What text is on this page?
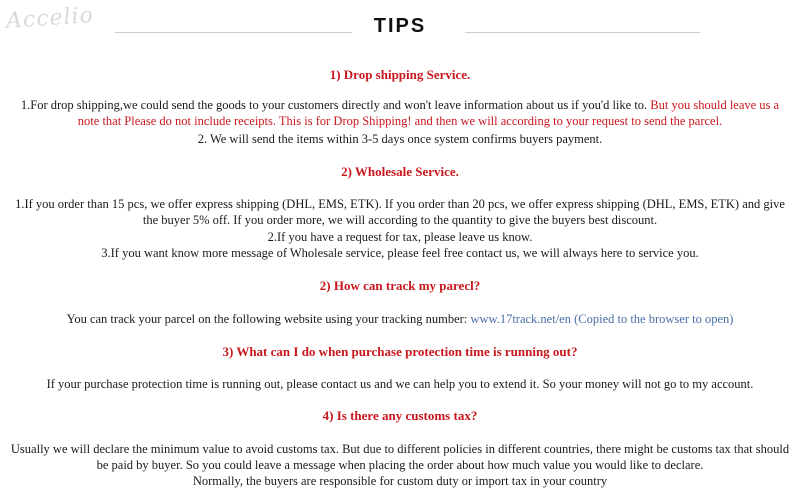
Accelio	TIPS
1) Drop shipping Service.
1.For drop shipping,we could send the goods to your customers directly and won't leave information about us if you'd like to. But you should leave us a note that Please do not include receipts. This is for Drop Shipping! and then we will according to your request to send the parcel.
2. We will send the items within 3-5 days once system confirms buyers payment.
2) Wholesale Service.
1.If you order than 15 pcs, we offer express shipping (DHL, EMS, ETK). If you order than 20 pcs, we offer express shipping (DHL, EMS, ETK) and give the buyer 5% off. If you order more, we will according to the quantity to give the buyers best discount.
2.If you have a request for tax, please leave us know.
3.If you want know more message of Wholesale service, please feel free contact us, we will always here to service you.
2) How can track my parecl?
You can track your parcel on the following website using your tracking number: www.17track.net/en (Copied to the browser to open)
3) What can I do when purchase protection time is running out?
If your purchase protection time is running out, please contact us and we can help you to extend it. So your money will not go to my account.
4) Is there any customs tax?
Usually we will declare the minimum value to avoid customs tax. But due to different policies in different countries, there might be customs tax that should be paid by buyer. So you could leave a message when placing the order about how much value you would like to declare.
Normally, the buyers are responsible for custom duty or import tax in your country
